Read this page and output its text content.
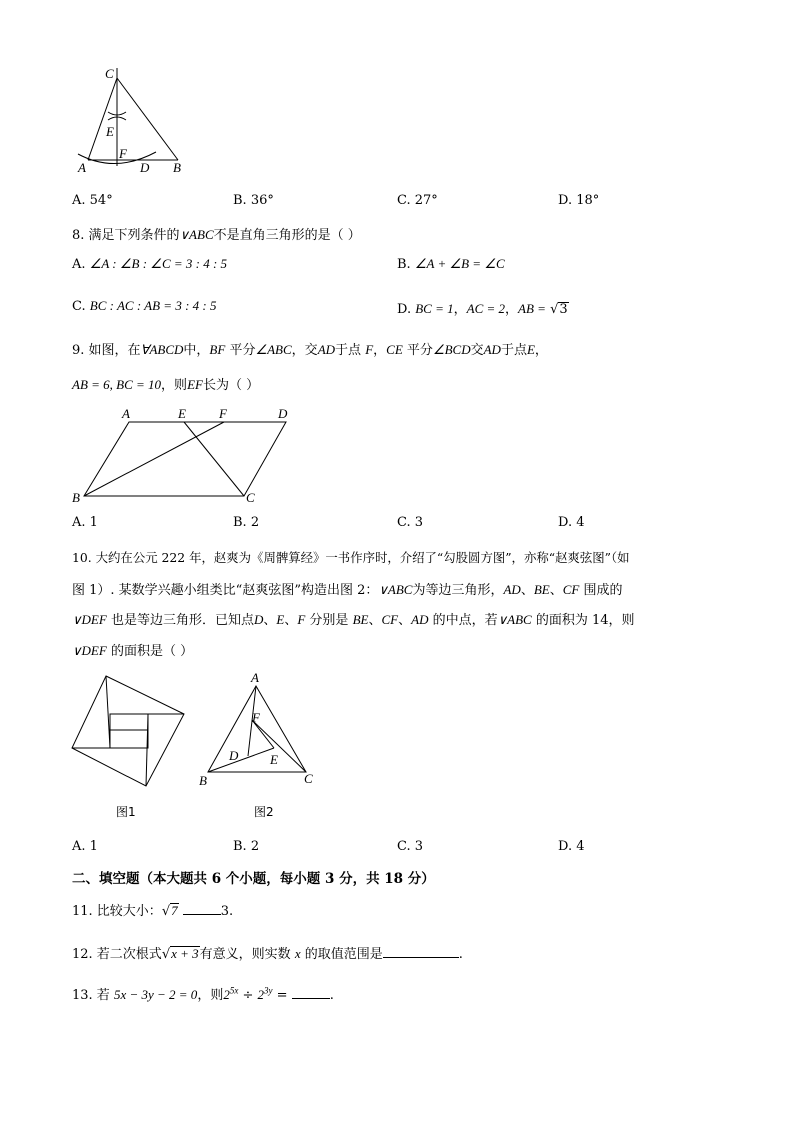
C
E
F
A	D B
A. 54°	B. 36°	C. 27°	D. 18°
8. 满足下列条件的∨ABC不是直角三角形的是（ ）
A. ∠A : ∠B : ∠C = 3 : 4 : 5	B. ∠A + ∠B = ∠C
C. BC : AC : AB = 3 : 4 : 5	D. BC = 1，AC = 2，AB = √3
9. 如图，在∀ABCD中，BF 平分∠ABC，交AD于点 F，CE 平分∠BCD交AD于点E，
AB = 6, BC = 10，则EF长为（ ）
A	E	F	D
B	C
A. 1	B. 2	C. 3	D. 4
10. 大约在公元 222 年，赵爽为《周髀算经》一书作序时，介绍了“勾股圆方图”，亦称“赵爽弦图”（如
图 1）. 某数学兴趣小组类比“赵爽弦图”构造出图 2：∨ABC为等边三角形，AD、BE、CF 围成的
∨DEF 也是等边三角形．已知点D、E、F 分别是 BE、CF、AD 的中点，若∨ABC 的面积为 14，则
∨DEF 的面积是（ ）
图1
A
F
D E
B	C
图2
A. 1	B. 2	C. 3	D. 4
二、填空题（本大题共 6 个小题，每小题 3 分，共 18 分）
11. 比较大小：√7	3.
12. 若二次根式√x + 3有意义，则实数 x 的取值范围是	.
13. 若 5x − 3y − 2 = 0，则$2^{5x} \div 2^{3y}$ =	.
